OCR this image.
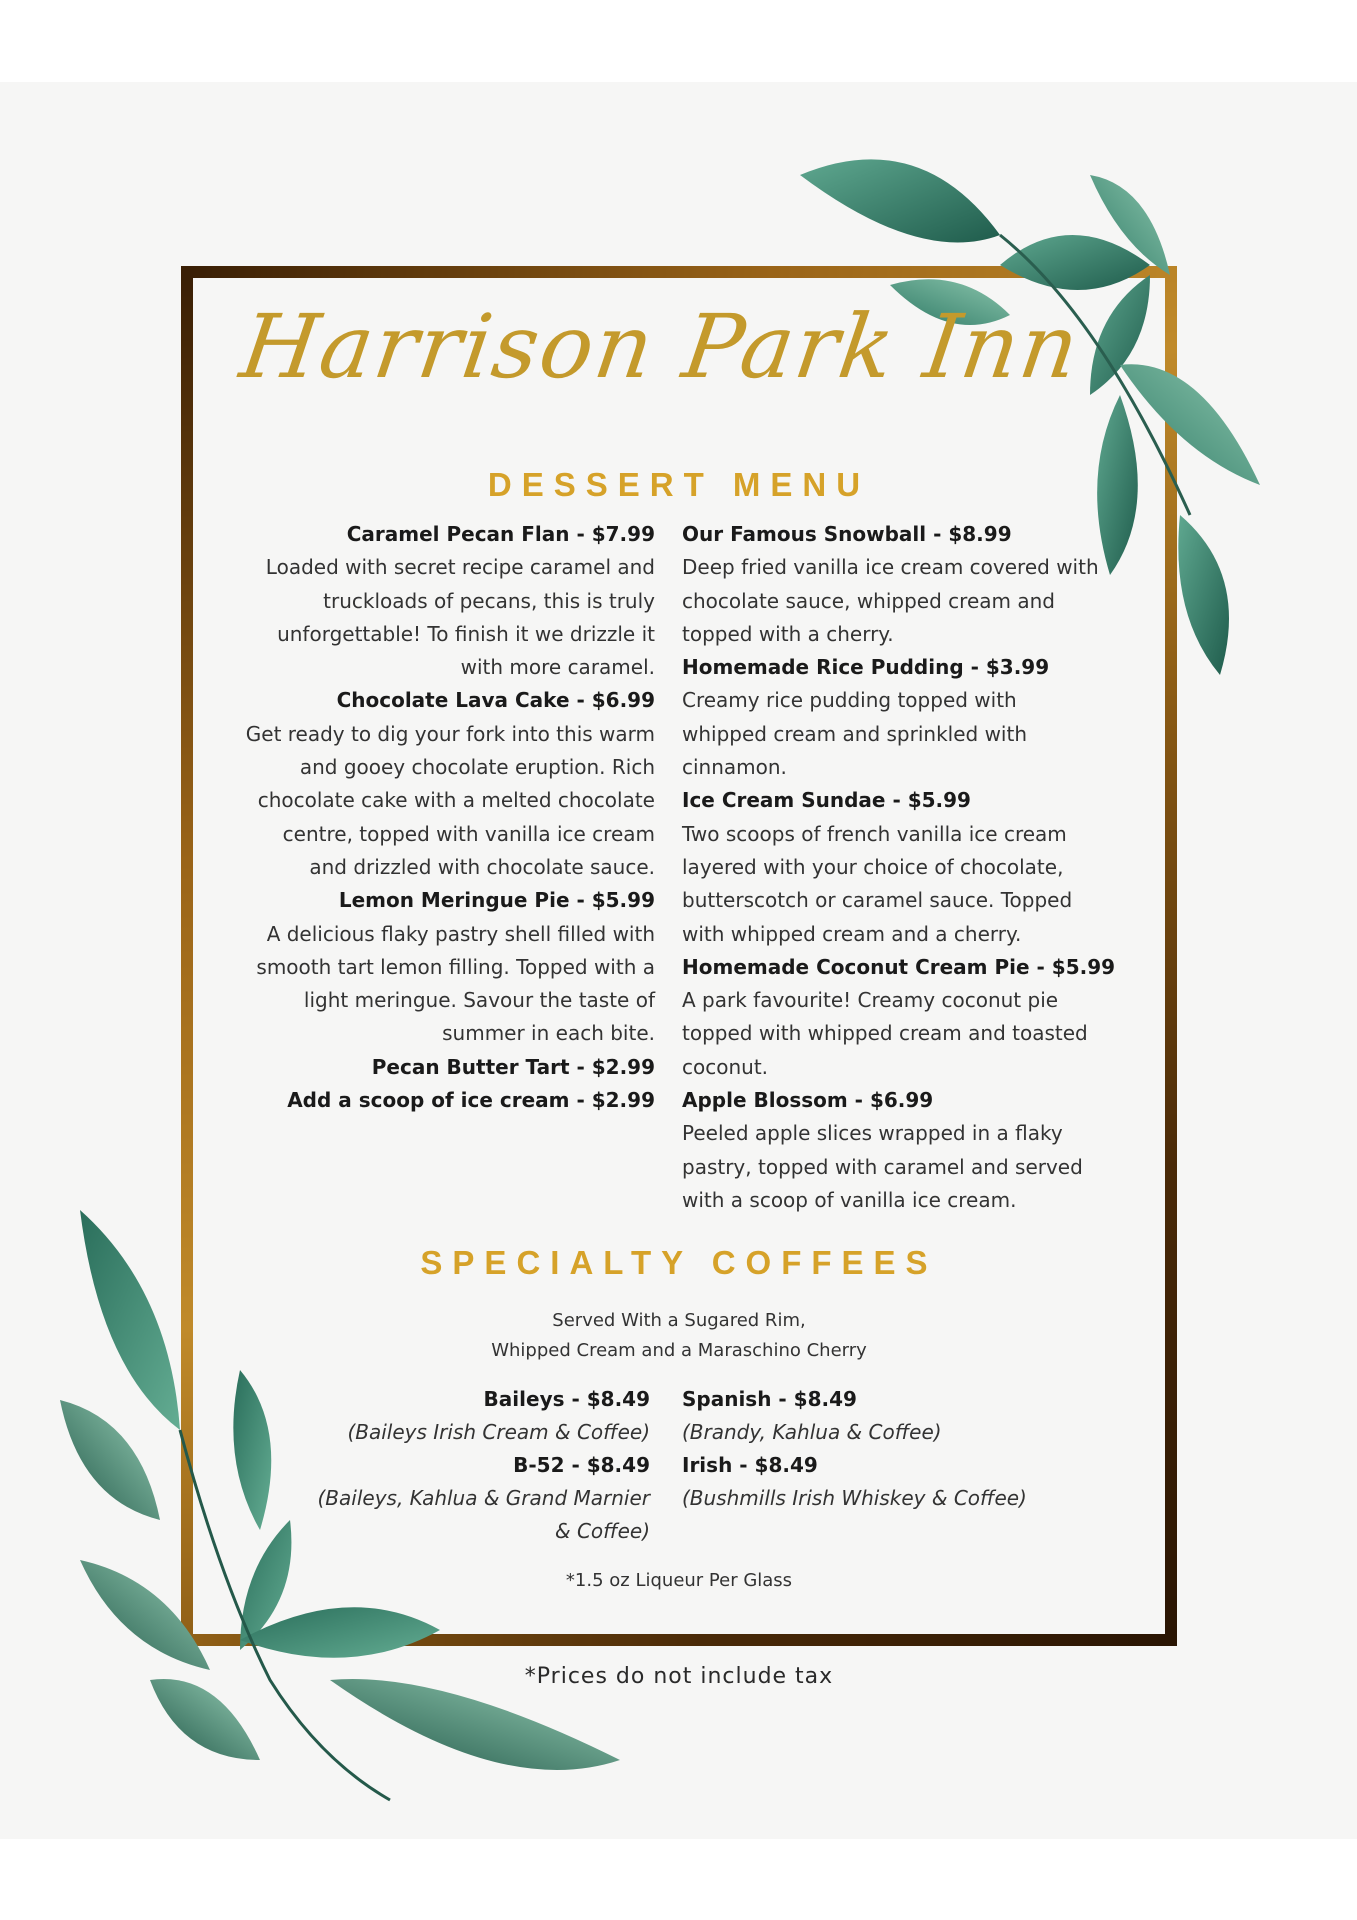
Harrison Park Inn
DESSERT MENU
Caramel Pecan Flan - $7.99
Loaded with secret recipe caramel and
truckloads of pecans, this is truly
unforgettable! To finish it we drizzle it
with more caramel.
Chocolate Lava Cake - $6.99
Get ready to dig your fork into this warm
and gooey chocolate eruption. Rich
chocolate cake with a melted chocolate
centre, topped with vanilla ice cream
and drizzled with chocolate sauce.
Lemon Meringue Pie - $5.99
A delicious flaky pastry shell filled with
smooth tart lemon filling. Topped with a
light meringue. Savour the taste of
summer in each bite.
Pecan Butter Tart - $2.99
Add a scoop of ice cream - $2.99
Our Famous Snowball - $8.99
Deep fried vanilla ice cream covered with
chocolate sauce, whipped cream and
topped with a cherry.
Homemade Rice Pudding - $3.99
Creamy rice pudding topped with
whipped cream and sprinkled with
cinnamon.
Ice Cream Sundae - $5.99
Two scoops of french vanilla ice cream
layered with your choice of chocolate,
butterscotch or caramel sauce. Topped
with whipped cream and a cherry.
Homemade Coconut Cream Pie - $5.99
A park favourite! Creamy coconut pie
topped with whipped cream and toasted
coconut.
Apple Blossom - $6.99
Peeled apple slices wrapped in a flaky
pastry, topped with caramel and served
with a scoop of vanilla ice cream.
SPECIALTY COFFEES
Served With a Sugared Rim,
Whipped Cream and a Maraschino Cherry
Baileys - $8.49
(Baileys Irish Cream & Coffee)
B-52 - $8.49
(Baileys, Kahlua & Grand Marnier
& Coffee)
Spanish - $8.49
(Brandy, Kahlua & Coffee)
Irish - $8.49
(Bushmills Irish Whiskey & Coffee)
*1.5 oz Liqueur Per Glass
*Prices do not include tax
